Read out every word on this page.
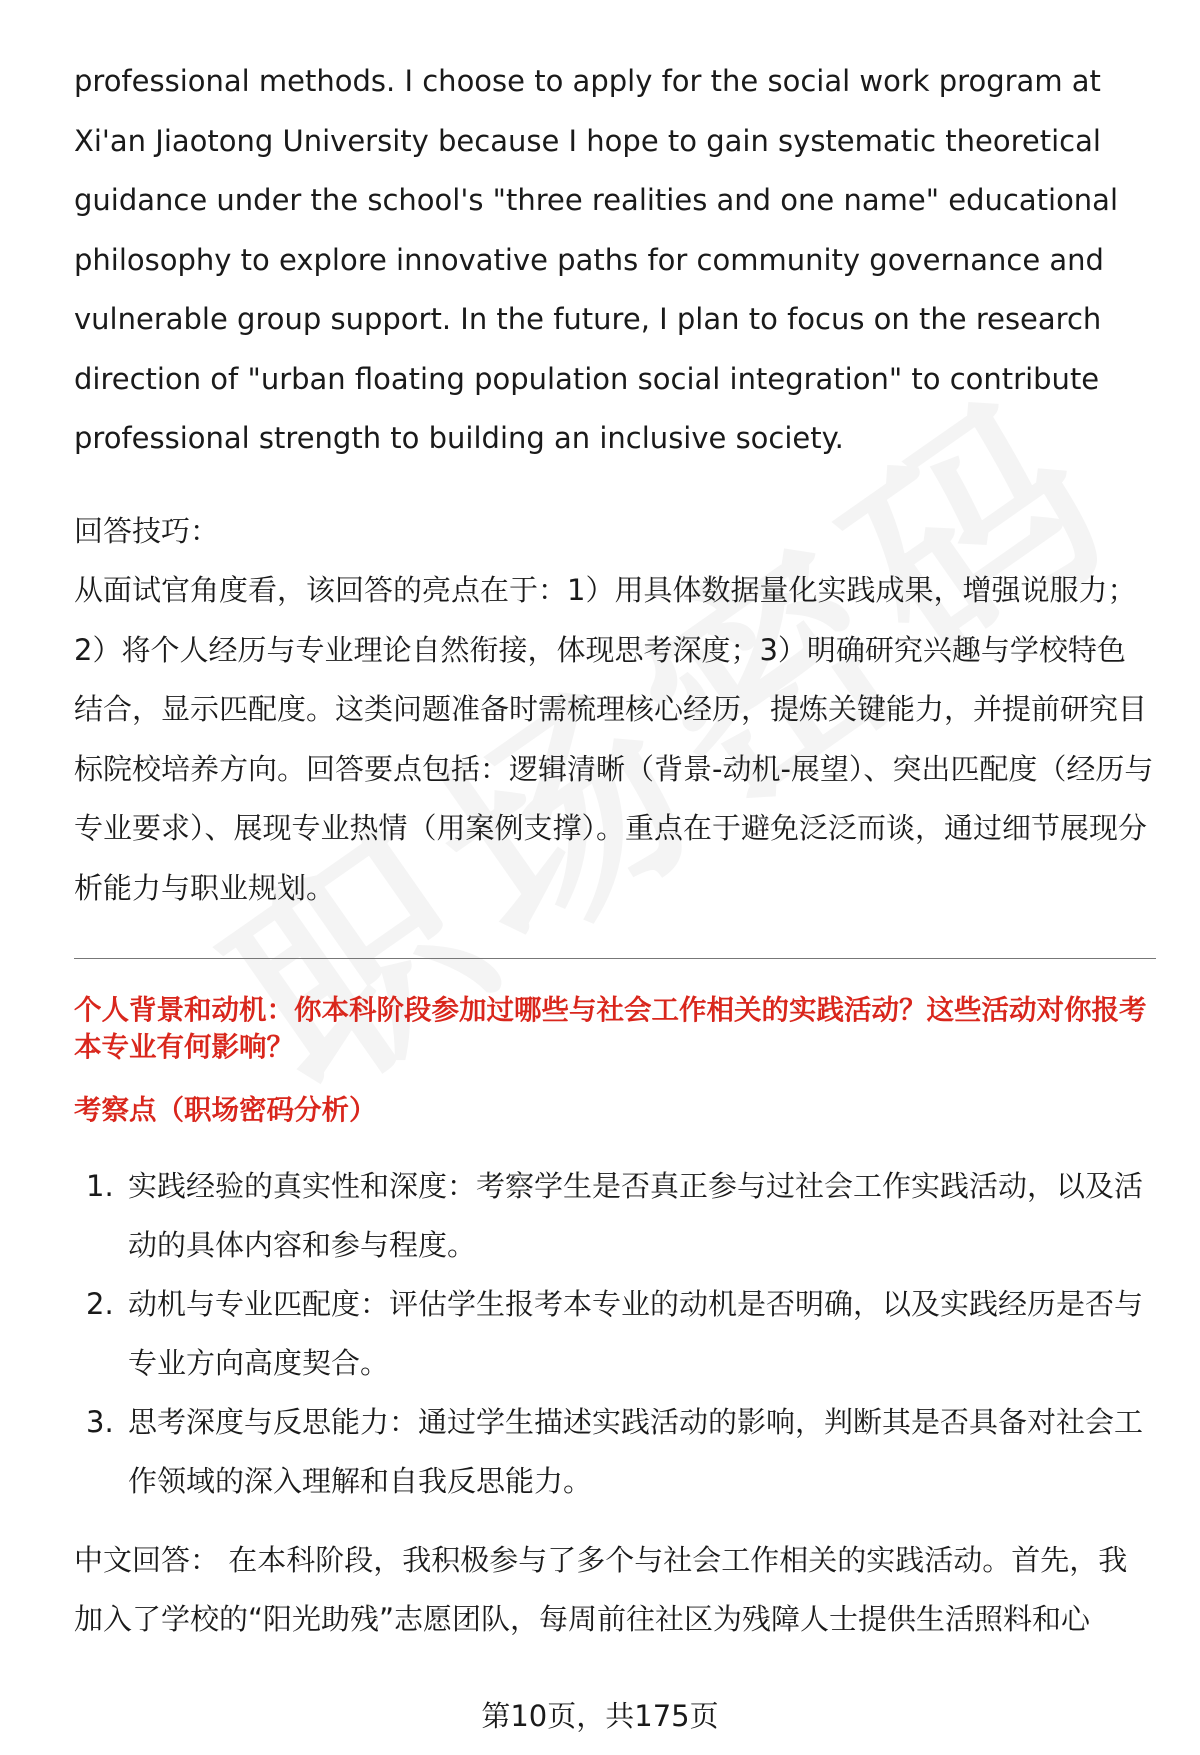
professional methods. I choose to apply for the social work program at Xi'an Jiaotong University because I hope to gain systematic theoretical guidance under the school's "three realities and one name" educational philosophy to explore innovative paths for community governance and vulnerable group support. In the future, I plan to focus on the research direction of "urban floating population social integration" to contribute professional strength to building an inclusive society.

回答技巧：

从面试官角度看，该回答的亮点在于：1）用具体数据量化实践成果，增强说服力；2）将个人经历与专业理论自然衔接，体现思考深度；3）明确研究兴趣与学校特色结合，显示匹配度。这类问题准备时需梳理核心经历，提炼关键能力，并提前研究目标院校培养方向。回答要点包括：逻辑清晰（背景-动机-展望）、突出匹配度（经历与专业要求）、展现专业热情（用案例支撑）。重点在于避免泛泛而谈，通过细节展现分析能力与职业规划。

个人背景和动机：你本科阶段参加过哪些与社会工作相关的实践活动？这些活动对你报考本专业有何影响？

考察点（职场密码分析）

1. 实践经验的真实性和深度：考察学生是否真正参与过社会工作实践活动，以及活动的具体内容和参与程度。
2. 动机与专业匹配度：评估学生报考本专业的动机是否明确，以及实践经历是否与专业方向高度契合。
3. 思考深度与反思能力：通过学生描述实践活动的影响，判断其是否具备对社会工作领域的深入理解和自我反思能力。

中文回答： 在本科阶段，我积极参与了多个与社会工作相关的实践活动。首先，我加入了学校的“阳光助残”志愿团队，每周前往社区为残障人士提供生活照料和心

第10页，共175页
